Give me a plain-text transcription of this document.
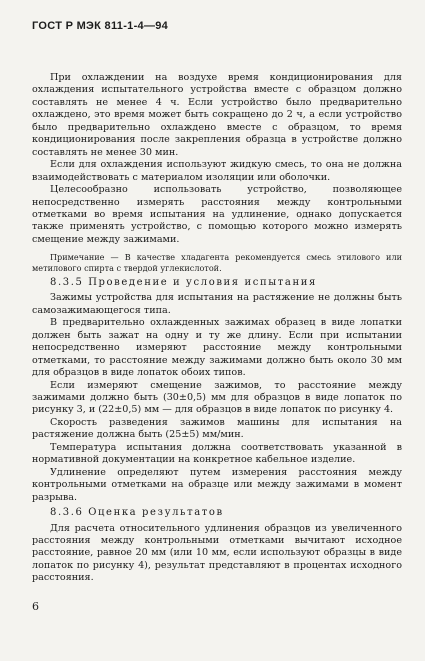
ГОСТ Р МЭК 811-1-4—94

При охлаждении на воздухе время кондиционирования для охлаждения испытательного устройства вместе с образцом должно составлять не менее 4 ч. Если устройство было предварительно охлаждено, это время может быть сокращено до 2 ч, а если устройство было предварительно охлаждено вместе с образцом, то время кондиционирования после закрепления образца в устройстве должно составлять не менее 30 мин.

Если для охлаждения используют жидкую смесь, то она не должна взаимодействовать с материалом изоляции или оболочки.

Целесообразно использовать устройство, позволяющее непосредственно измерять расстояния между контрольными отметками во время испытания на удлинение, однако допускается также применять устройство, с помощью которого можно измерять смещение между зажимами.

Примечание — В качестве хладагента рекомендуется смесь этилового или метилового спирта с твердой углекислотой.

8.3.5 Проведение и условия испытания

Зажимы устройства для испытания на растяжение не должны быть самозажимающегося типа.

В предварительно охлажденных зажимах образец в виде лопатки должен быть зажат на одну и ту же длину. Если при испытании непосредственно измеряют расстояние между контрольными отметками, то расстояние между зажимами должно быть около 30 мм для образцов в виде лопаток обоих типов.

Если измеряют смещение зажимов, то расстояние между зажимами должно быть (30±0,5) мм для образцов в виде лопаток по рисунку 3, и (22±0,5) мм — для образцов в виде лопаток по рисунку 4.

Скорость разведения зажимов машины для испытания на растяжение должна быть (25±5) мм/мин.

Температура испытания должна соответствовать указанной в нормативной документации на конкретное кабельное изделие.

Удлинение определяют путем измерения расстояния между контрольными отметками на образце или между зажимами в момент разрыва.

8.3.6 Оценка результатов

Для расчета относительного удлинения образцов из увеличенного расстояния между контрольными отметками вычитают исходное расстояние, равное 20 мм (или 10 мм, если используют образцы в виде лопаток по рисунку 4), результат представляют в процентах исходного расстояния.

6
